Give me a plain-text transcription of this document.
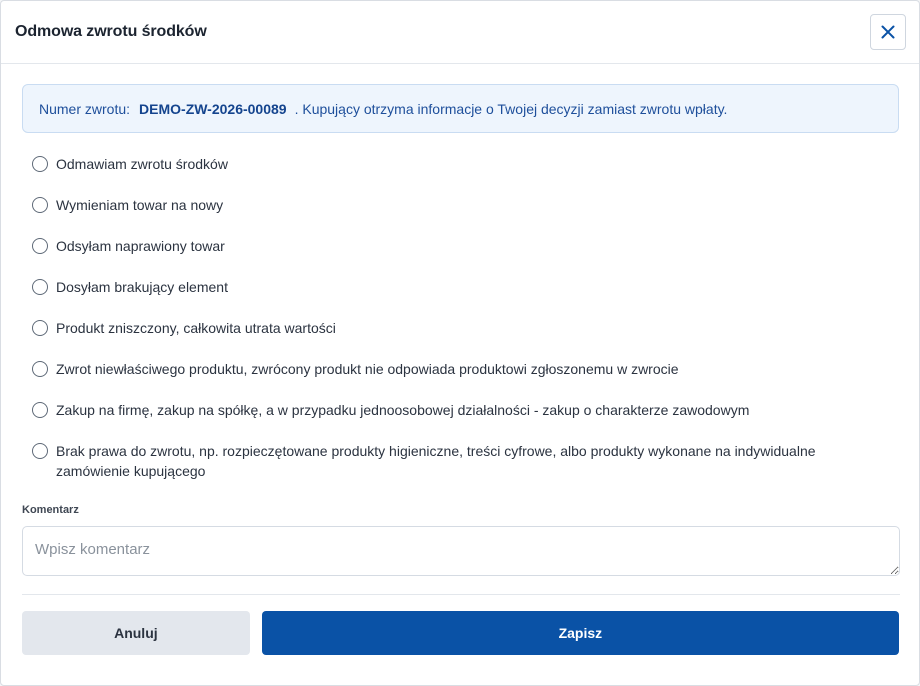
Odmowa zwrotu środków
Numer zwrotu: DEMO-ZW-2026-00089 . Kupujący otrzyma informacje o Twojej decyzji zamiast zwrotu wpłaty.
Odmawiam zwrotu środków
Wymieniam towar na nowy
Odsyłam naprawiony towar
Dosyłam brakujący element
Produkt zniszczony, całkowita utrata wartości
Zwrot niewłaściwego produktu, zwrócony produkt nie odpowiada produktowi zgłoszonemu w zwrocie
Zakup na firmę, zakup na spółkę, a w przypadku jednoosobowej działalności - zakup o charakterze zawodowym
Brak prawa do zwrotu, np. rozpieczętowane produkty higieniczne, treści cyfrowe, albo produkty wykonane na indywidualne zamówienie kupującego
Komentarz
Wpisz komentarz
Anuluj	Zapisz
